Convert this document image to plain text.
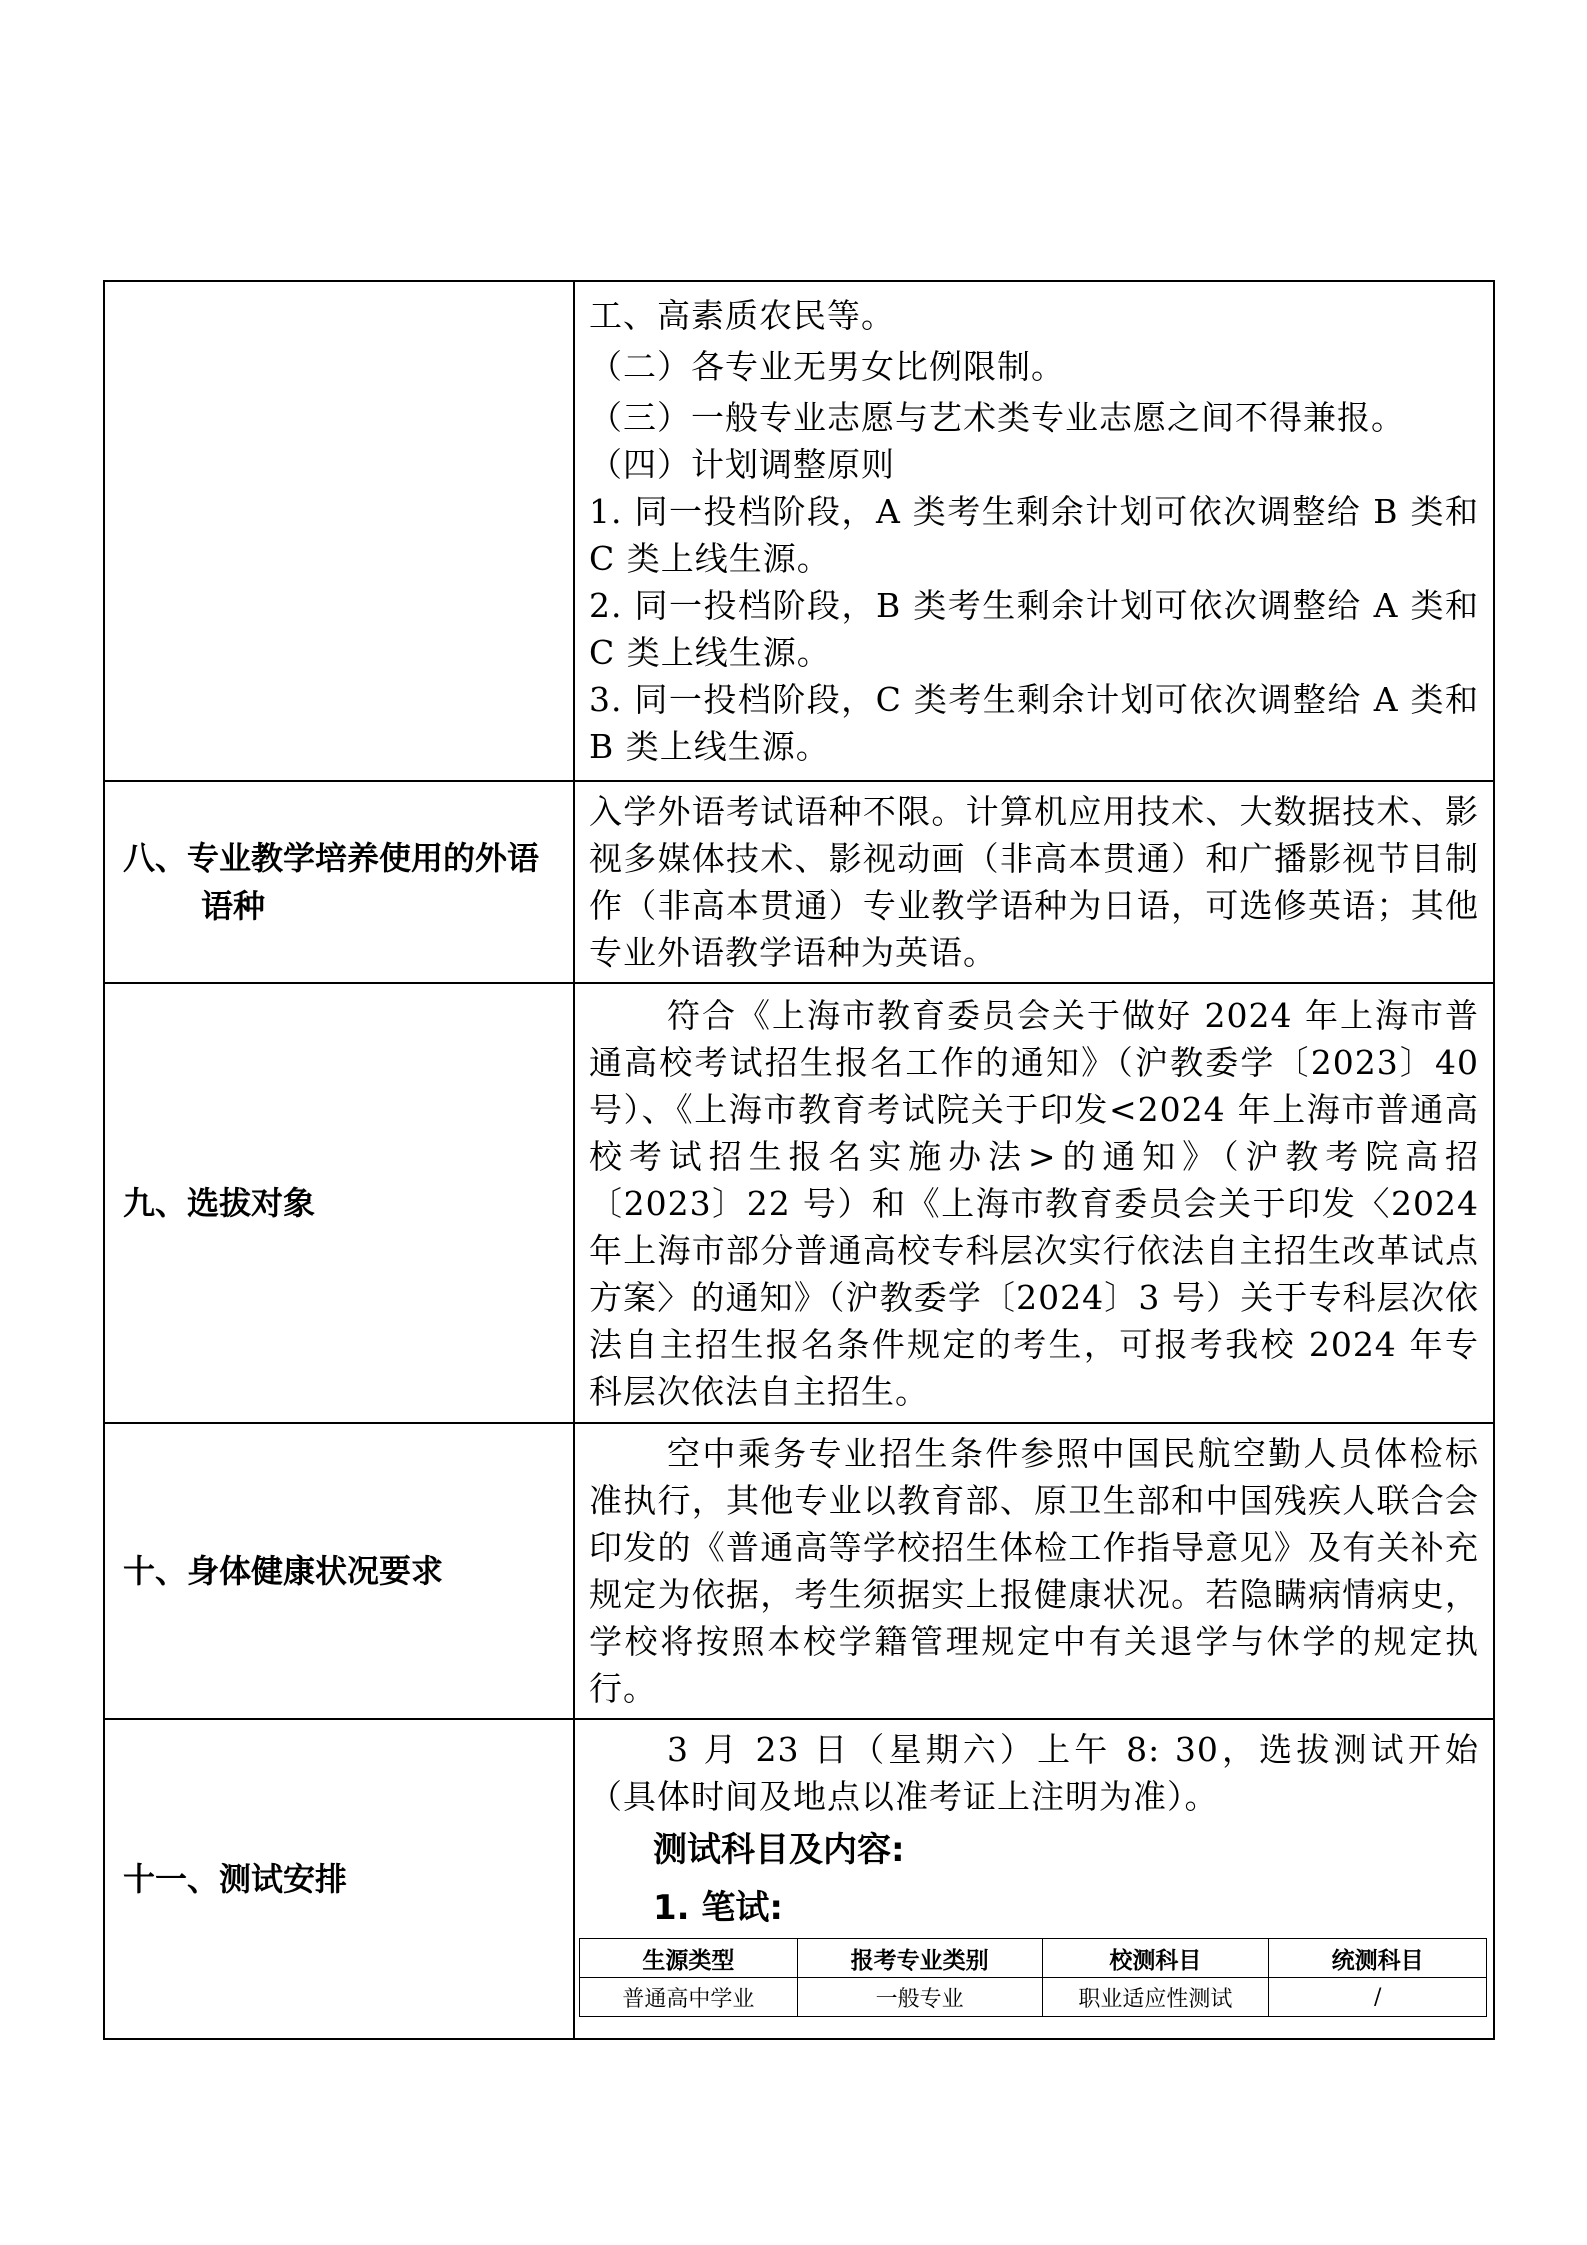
工、高素质农民等。

（二）各专业无男女比例限制。

（三）一般专业志愿与艺术类专业志愿之间不得兼报。

（四）计划调整原则

1. 同一投档阶段，A 类考生剩余计划可依次调整给 B 类和 C 类上线生源。

2. 同一投档阶段，B 类考生剩余计划可依次调整给 A 类和 C 类上线生源。

3. 同一投档阶段，C 类考生剩余计划可依次调整给 A 类和 B 类上线生源。

八、专业教学培养使用的外语
语种

入学外语考试语种不限。计算机应用技术、大数据技术、影视多媒体技术、影视动画（非高本贯通）和广播影视节目制作（非高本贯通）专业教学语种为日语，可选修英语；其他专业外语教学语种为英语。

九、选拔对象

符合《上海市教育委员会关于做好 2024 年上海市普通高校考试招生报名工作的通知》（沪教委学〔2023〕40 号）、《上海市教育考试院关于印发<2024 年上海市普通高校考试招生报名实施办法>的通知》（沪教考院高招〔2023〕22 号）和《上海市教育委员会关于印发〈2024 年上海市部分普通高校专科层次实行依法自主招生改革试点方案〉的通知》（沪教委学〔2024〕3 号）关于专科层次依法自主招生报名条件规定的考生，可报考我校 2024 年专科层次依法自主招生。

十、身体健康状况要求

空中乘务专业招生条件参照中国民航空勤人员体检标准执行，其他专业以教育部、原卫生部和中国残疾人联合会印发的《普通高等学校招生体检工作指导意见》及有关补充规定为依据，考生须据实上报健康状况。若隐瞒病情病史，学校将按照本校学籍管理规定中有关退学与休学的规定执行。

十一、测试安排

3 月 23 日（星期六）上午 8: 30，选拔测试开始（具体时间及地点以准考证上注明为准）。

测试科目及内容:
1. 笔试:
生源类型	报考专业类别	校测科目	统测科目
普通高中学业	一般专业	职业适应性测试	/
